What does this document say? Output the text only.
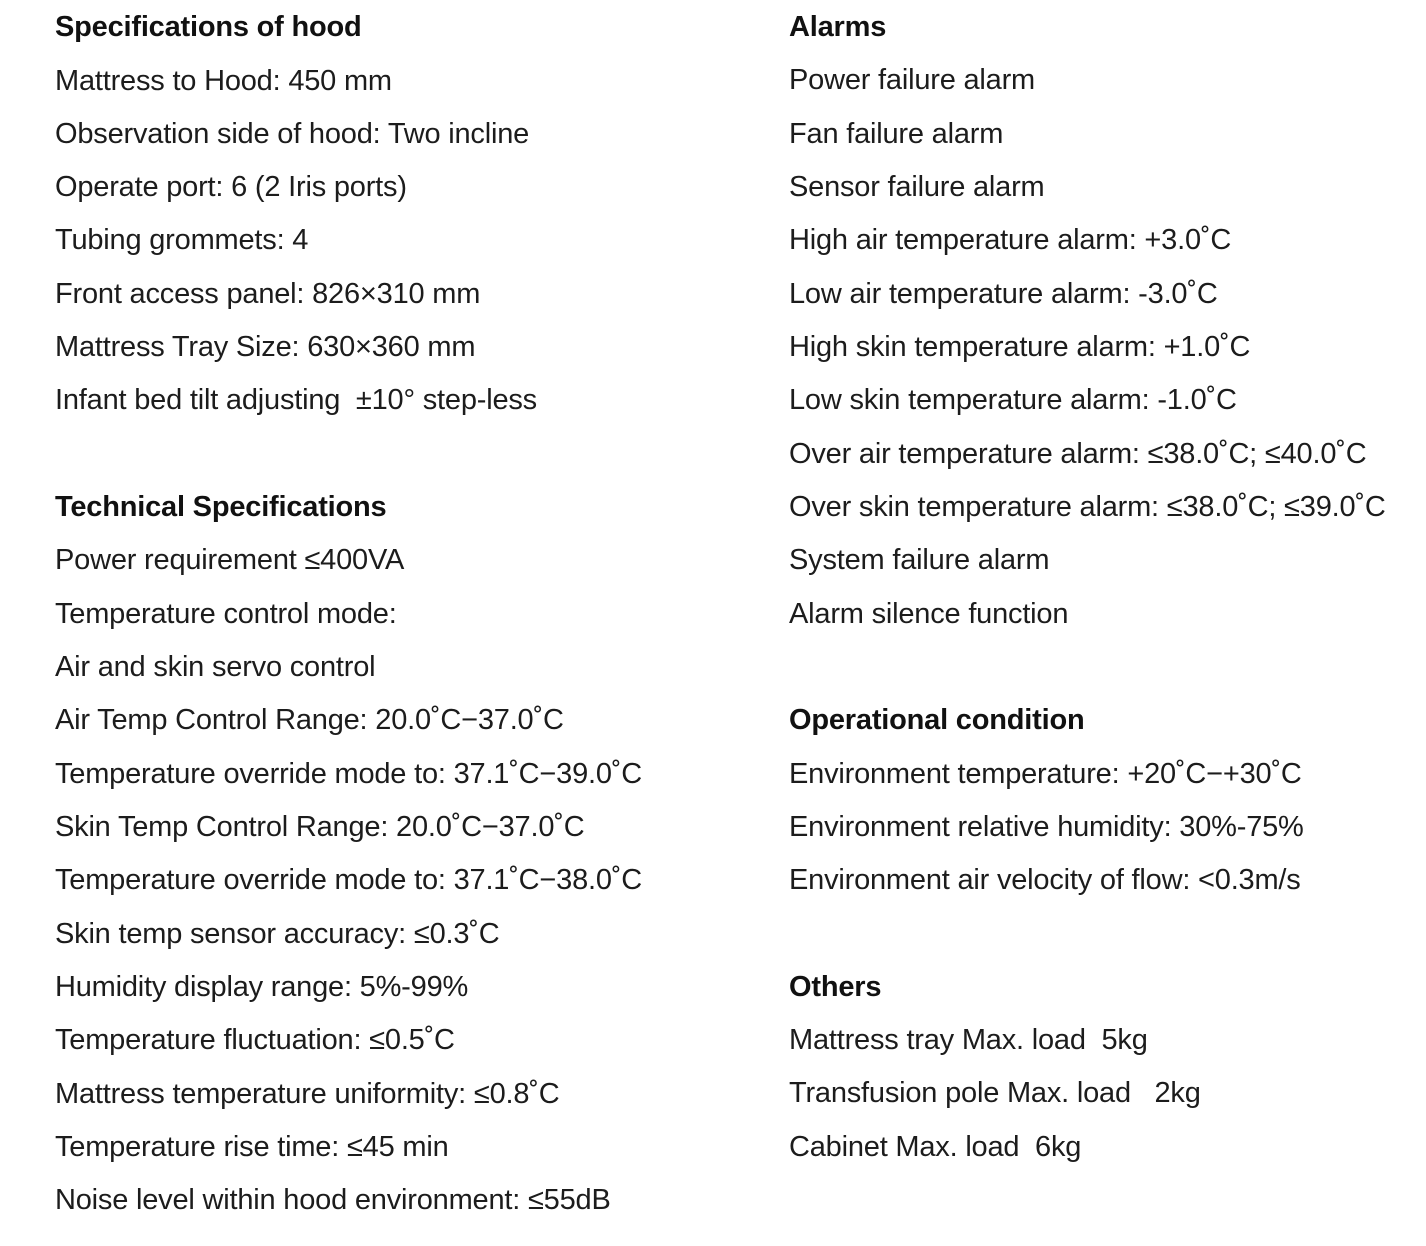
Specifications of hood
Mattress to Hood: 450 mm
Observation side of hood: Two incline
Operate port: 6 (2 Iris ports)
Tubing grommets: 4
Front access panel: 826×310 mm
Mattress Tray Size: 630×360 mm
Infant bed tilt adjusting  ±10° step-less
Technical Specifications
Power requirement ≤400VA
Temperature control mode:
Air and skin servo control
Air Temp Control Range: 20.0˚C−37.0˚C
Temperature override mode to: 37.1˚C−39.0˚C
Skin Temp Control Range: 20.0˚C−37.0˚C
Temperature override mode to: 37.1˚C−38.0˚C
Skin temp sensor accuracy: ≤0.3˚C
Humidity display range: 5%-99%
Temperature fluctuation: ≤0.5˚C
Mattress temperature uniformity: ≤0.8˚C
Temperature rise time: ≤45 min
Noise level within hood environment: ≤55dB
Alarms
Power failure alarm
Fan failure alarm
Sensor failure alarm
High air temperature alarm: +3.0˚C
Low air temperature alarm: -3.0˚C
High skin temperature alarm: +1.0˚C
Low skin temperature alarm: -1.0˚C
Over air temperature alarm: ≤38.0˚C; ≤40.0˚C
Over skin temperature alarm: ≤38.0˚C; ≤39.0˚C
System failure alarm
Alarm silence function
Operational condition
Environment temperature: +20˚C−+30˚C
Environment relative humidity: 30%-75%
Environment air velocity of flow: <0.3m/s
Others
Mattress tray Max. load  5kg
Transfusion pole Max. load   2kg
Cabinet Max. load  6kg
